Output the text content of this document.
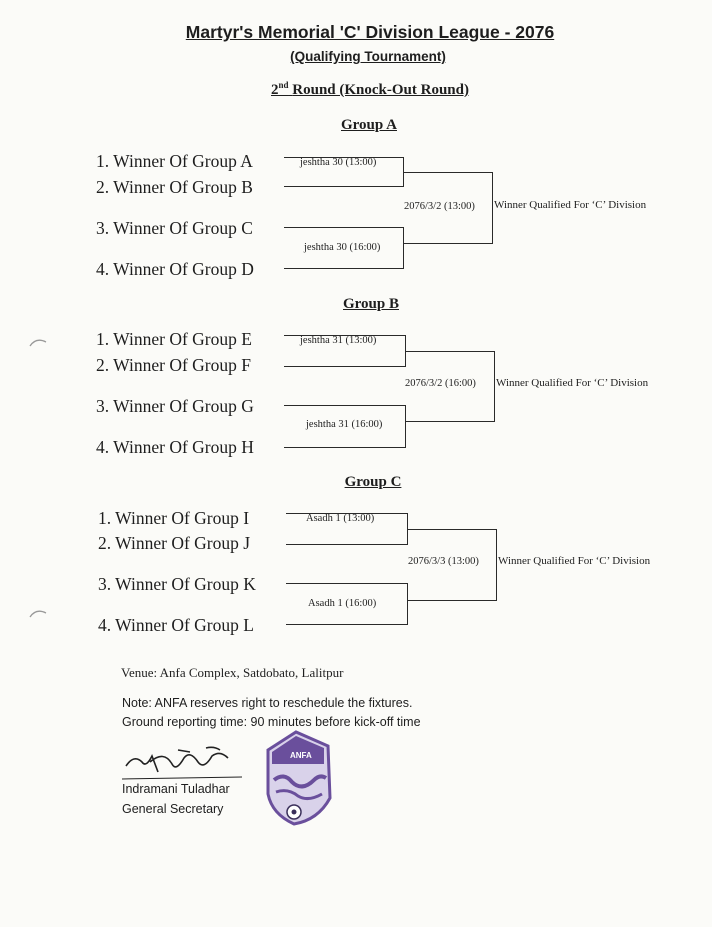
Martyr's Memorial 'C' Division League - 2076
(Qualifying Tournament)
2nd Round (Knock-Out Round)
Group A
1. Winner Of Group A
2. Winner Of Group B
3. Winner Of Group C
4. Winner Of Group D
jeshtha 30 (13:00)
jeshtha 30 (16:00)
2076/3/2 (13:00) Winner Qualified For ‘C’ Division
Group B
1. Winner Of Group E
2. Winner Of Group F
3. Winner Of Group G
4. Winner Of Group H
jeshtha 31 (13:00)
jeshtha 31 (16:00)
2076/3/2 (16:00) Winner Qualified For ‘C’ Division
Group C
1. Winner Of Group I
2. Winner Of Group J
3. Winner Of Group K
4. Winner Of Group L
Asadh 1 (13:00)
Asadh 1 (16:00)
2076/3/3 (13:00) Winner Qualified For ‘C’ Division
Venue: Anfa Complex, Satdobato, Lalitpur
Note: ANFA reserves right to reschedule the fixtures.
Ground reporting time: 90 minutes before kick-off time
Indramani Tuladhar
General Secretary
ANFA
